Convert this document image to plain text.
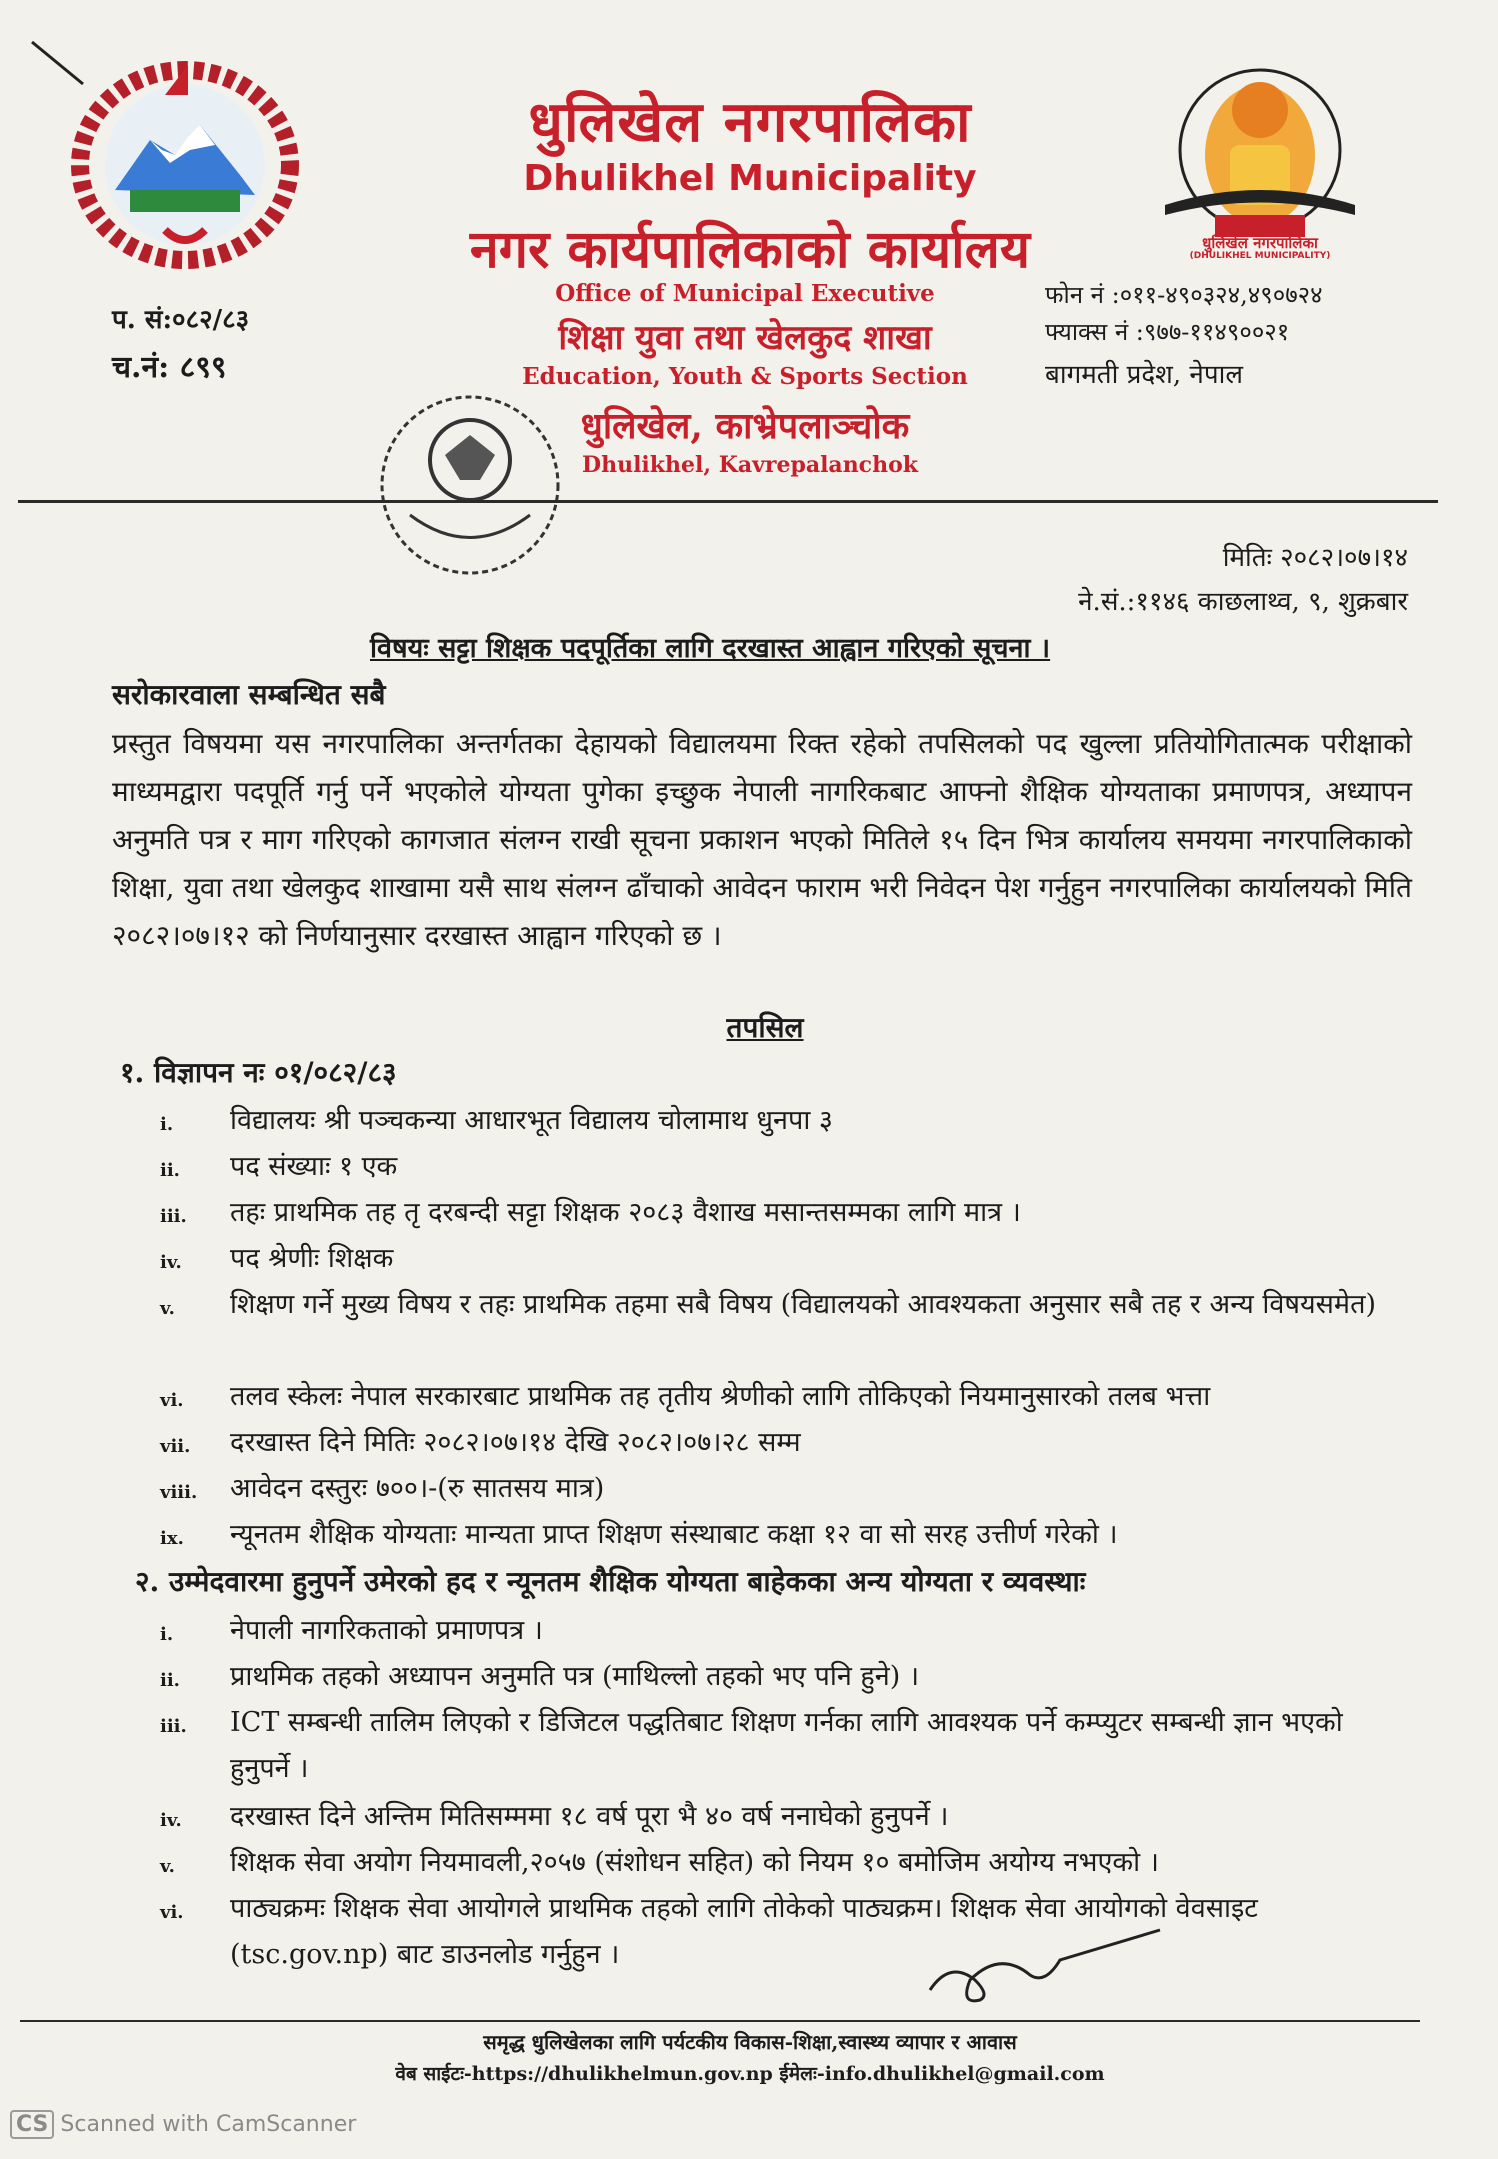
धुलिखेल नगरपालिका
(DHULIKHEL MUNICIPALITY)
धुलिखेल नगरपालिका
Dhulikhel Municipality
नगर कार्यपालिकाको कार्यालय
Office of Municipal Executive
शिक्षा युवा तथा खेलकुद शाखा
Education, Youth & Sports Section
धुलिखेल, काभ्रेपलाञ्चोक
Dhulikhel, Kavrepalanchok
प. सं:०८२/८३
च.नं: ८९९
फोन नं :०११-४९०३२४,४९०७२४
फ्याक्स नं :९७७-११४९००२१
बागमती प्रदेश, नेपाल
मितिः २०८२।०७।१४
ने.सं.:११४६ काछलाथ्व, ९, शुक्रबार
विषयः सट्टा शिक्षक पदपूर्तिका लागि दरखास्त आह्वान गरिएको सूचना ।
सरोकारवाला सम्बन्धित सबै
प्रस्तुत विषयमा यस नगरपालिका अन्तर्गतका देहायको विद्यालयमा रिक्त रहेको तपसिलको पद खुल्ला प्रतियोगितात्मक परीक्षाको माध्यमद्वारा पदपूर्ति गर्नु पर्ने भएकोले योग्यता पुगेका इच्छुक नेपाली नागरिकबाट आफ्नो शैक्षिक योग्यताका प्रमाणपत्र, अध्यापन अनुमति पत्र र माग गरिएको कागजात संलग्न राखी सूचना प्रकाशन भएको मितिले १५ दिन भित्र कार्यालय समयमा नगरपालिकाको शिक्षा, युवा तथा खेलकुद शाखामा यसै साथ संलग्न ढाँचाको आवेदन फाराम भरी निवेदन पेश गर्नुहुन नगरपालिका कार्यालयको मिति २०८२।०७।१२ को निर्णयानुसार दरखास्त आह्वान गरिएको छ ।
तपसिल
१. विज्ञापन नः ०१/०८२/८३
i.	विद्यालयः श्री पञ्चकन्या आधारभूत विद्यालय चोलामाथ धुनपा ३
ii.	पद संख्याः १ एक
iii.	तहः प्राथमिक तह तृ दरबन्दी सट्टा शिक्षक २०८३ वैशाख मसान्तसम्मका लागि मात्र ।
iv.	पद श्रेणीः शिक्षक
v.	शिक्षण गर्ने मुख्य विषय र तहः प्राथमिक तहमा सबै विषय (विद्यालयको आवश्यकता अनुसार सबै तह र अन्य विषयसमेत)
vi.	तलव स्केलः नेपाल सरकारबाट प्राथमिक तह तृतीय श्रेणीको लागि तोकिएको नियमानुसारको तलब भत्ता
vii.	दरखास्त दिने मितिः २०८२।०७।१४ देखि २०८२।०७।२८ सम्म
viii.	आवेदन दस्तुरः ७००।-(रु सातसय मात्र)
ix.	न्यूनतम शैक्षिक योग्यताः मान्यता प्राप्त शिक्षण संस्थाबाट कक्षा १२ वा सो सरह उत्तीर्ण गरेको ।
२. उम्मेदवारमा हुनुपर्ने उमेरको हद र न्यूनतम शैक्षिक योग्यता बाहेकका अन्य योग्यता र व्यवस्थाः
i.	नेपाली नागरिकताको प्रमाणपत्र ।
ii.	प्राथमिक तहको अध्यापन अनुमति पत्र (माथिल्लो तहको भए पनि हुने) ।
iii.	ICT सम्बन्धी तालिम लिएको र डिजिटल पद्धतिबाट शिक्षण गर्नका लागि आवश्यक पर्ने कम्प्युटर सम्बन्धी ज्ञान भएको हुनुपर्ने ।
iv.	दरखास्त दिने अन्तिम मितिसम्ममा १८ वर्ष पूरा भै ४० वर्ष ननाघेको हुनुपर्ने ।
v.	शिक्षक सेवा अयोग नियमावली,२०५७ (संशोधन सहित) को नियम १० बमोजिम अयोग्य नभएको ।
vi.	पाठ्यक्रमः शिक्षक सेवा आयोगले प्राथमिक तहको लागि तोकेको पाठ्यक्रम। शिक्षक सेवा आयोगको वेवसाइट (tsc.gov.np) बाट डाउनलोड गर्नुहुन ।
समृद्ध धुलिखेलका लागि पर्यटकीय विकास-शिक्षा,स्वास्थ्य व्यापार र आवास
वेब साईटः-https://dhulikhelmun.gov.np ईमेलः-info.dhulikhel@gmail.com
CS Scanned with CamScanner
